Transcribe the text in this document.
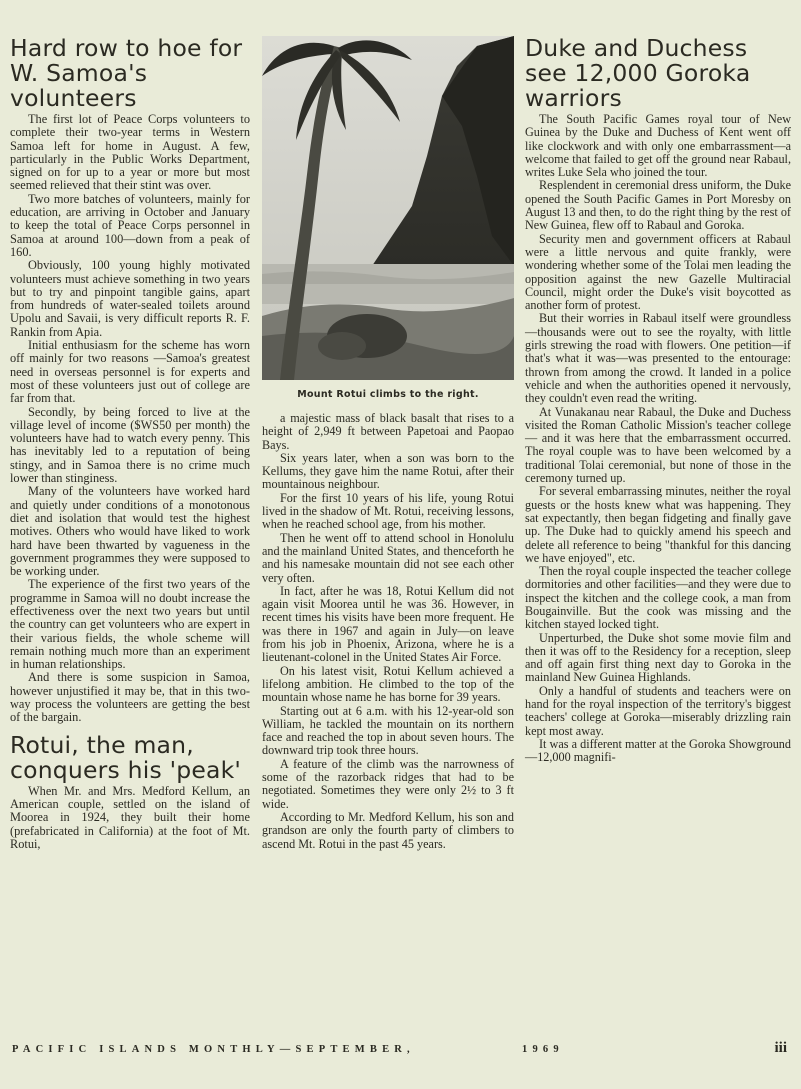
Hard row to hoe for W. Samoa's volunteers

The first lot of Peace Corps volunteers to complete their two-year terms in Western Samoa left for home in August. A few, particularly in the Public Works Department, signed on for up to a year or more but most seemed relieved that their stint was over.

Two more batches of volunteers, mainly for education, are arriving in October and January to keep the total of Peace Corps personnel in Samoa at around 100—down from a peak of 160.

Obviously, 100 young highly motivated volunteers must achieve something in two years but to try and pinpoint tangible gains, apart from hundreds of water-sealed toilets around Upolu and Savaii, is very difficult reports R. F. Rankin from Apia.

Initial enthusiasm for the scheme has worn off mainly for two reasons —Samoa's greatest need in overseas personnel is for experts and most of these volunteers just out of college are far from that.

Secondly, by being forced to live at the village level of income ($WS50 per month) the volunteers have had to watch every penny. This has inevitably led to a reputation of being stingy, and in Samoa there is no crime much lower than stinginess.

Many of the volunteers have worked hard and quietly under conditions of a monotonous diet and isolation that would test the highest motives. Others who would have liked to work hard have been thwarted by vagueness in the government programmes they were supposed to be working under.

The experience of the first two years of the programme in Samoa will no doubt increase the effectiveness over the next two years but until the country can get volunteers who are expert in their various fields, the whole scheme will remain nothing much more than an experiment in human relationships.

And there is some suspicion in Samoa, however unjustified it may be, that in this two-way process the volunteers are getting the best of the bargain.

Rotui, the man, conquers his 'peak'

When Mr. and Mrs. Medford Kellum, an American couple, settled on the island of Moorea in 1924, they built their home (prefabricated in California) at the foot of Mt. Rotui,

Mount Rotui climbs to the right.

a majestic mass of black basalt that rises to a height of 2,949 ft between Papetoai and Paopao Bays.

Six years later, when a son was born to the Kellums, they gave him the name Rotui, after their mountainous neighbour.

For the first 10 years of his life, young Rotui lived in the shadow of Mt. Rotui, receiving lessons, when he reached school age, from his mother.

Then he went off to attend school in Honolulu and the mainland United States, and thenceforth he and his namesake mountain did not see each other very often.

In fact, after he was 18, Rotui Kellum did not again visit Moorea until he was 36. However, in recent times his visits have been more frequent. He was there in 1967 and again in July—on leave from his job in Phoenix, Arizona, where he is a lieutenant-colonel in the United States Air Force.

On his latest visit, Rotui Kellum achieved a lifelong ambition. He climbed to the top of the mountain whose name he has borne for 39 years.

Starting out at 6 a.m. with his 12-year-old son William, he tackled the mountain on its northern face and reached the top in about seven hours. The downward trip took three hours.

A feature of the climb was the narrowness of some of the razorback ridges that had to be negotiated. Sometimes they were only 2½ to 3 ft wide.

According to Mr. Medford Kellum, his son and grandson are only the fourth party of climbers to ascend Mt. Rotui in the past 45 years.

Duke and Duchess see 12,000 Goroka warriors

The South Pacific Games royal tour of New Guinea by the Duke and Duchess of Kent went off like clockwork and with only one embarrassment—a welcome that failed to get off the ground near Rabaul, writes Luke Sela who joined the tour.

Resplendent in ceremonial dress uniform, the Duke opened the South Pacific Games in Port Moresby on August 13 and then, to do the right thing by the rest of New Guinea, flew off to Rabaul and Goroka.

Security men and government officers at Rabaul were a little nervous and quite frankly, were wondering whether some of the Tolai men leading the opposition against the new Gazelle Multiracial Council, might order the Duke's visit boycotted as another form of protest.

But their worries in Rabaul itself were groundless—thousands were out to see the royalty, with little girls strewing the road with flowers. One petition—if that's what it was—was presented to the entourage: thrown from among the crowd. It landed in a police vehicle and when the authorities opened it nervously, they couldn't even read the writing.

At Vunakanau near Rabaul, the Duke and Duchess visited the Roman Catholic Mission's teacher college— and it was here that the embarrassment occurred. The royal couple was to have been welcomed by a traditional Tolai ceremonial, but none of those in the ceremony turned up.

For several embarrassing minutes, neither the royal guests or the hosts knew what was happening. They sat expectantly, then began fidgeting and finally gave up. The Duke had to quickly amend his speech and delete all reference to being "thankful for this dancing we have enjoyed", etc.

Then the royal couple inspected the teacher college dormitories and other facilities—and they were due to inspect the kitchen and the college cook, a man from Bougainville. But the cook was missing and the kitchen stayed locked tight.

Unperturbed, the Duke shot some movie film and then it was off to the Residency for a reception, sleep and off again first thing next day to Goroka in the mainland New Guinea Highlands.

Only a handful of students and teachers were on hand for the royal inspection of the territory's biggest teachers' college at Goroka—miserably drizzling rain kept most away.

It was a different matter at the Goroka Showground—12,000 magnifi-

PACIFIC ISLANDS MONTHLY—SEPTEMBER,	1969	iii
